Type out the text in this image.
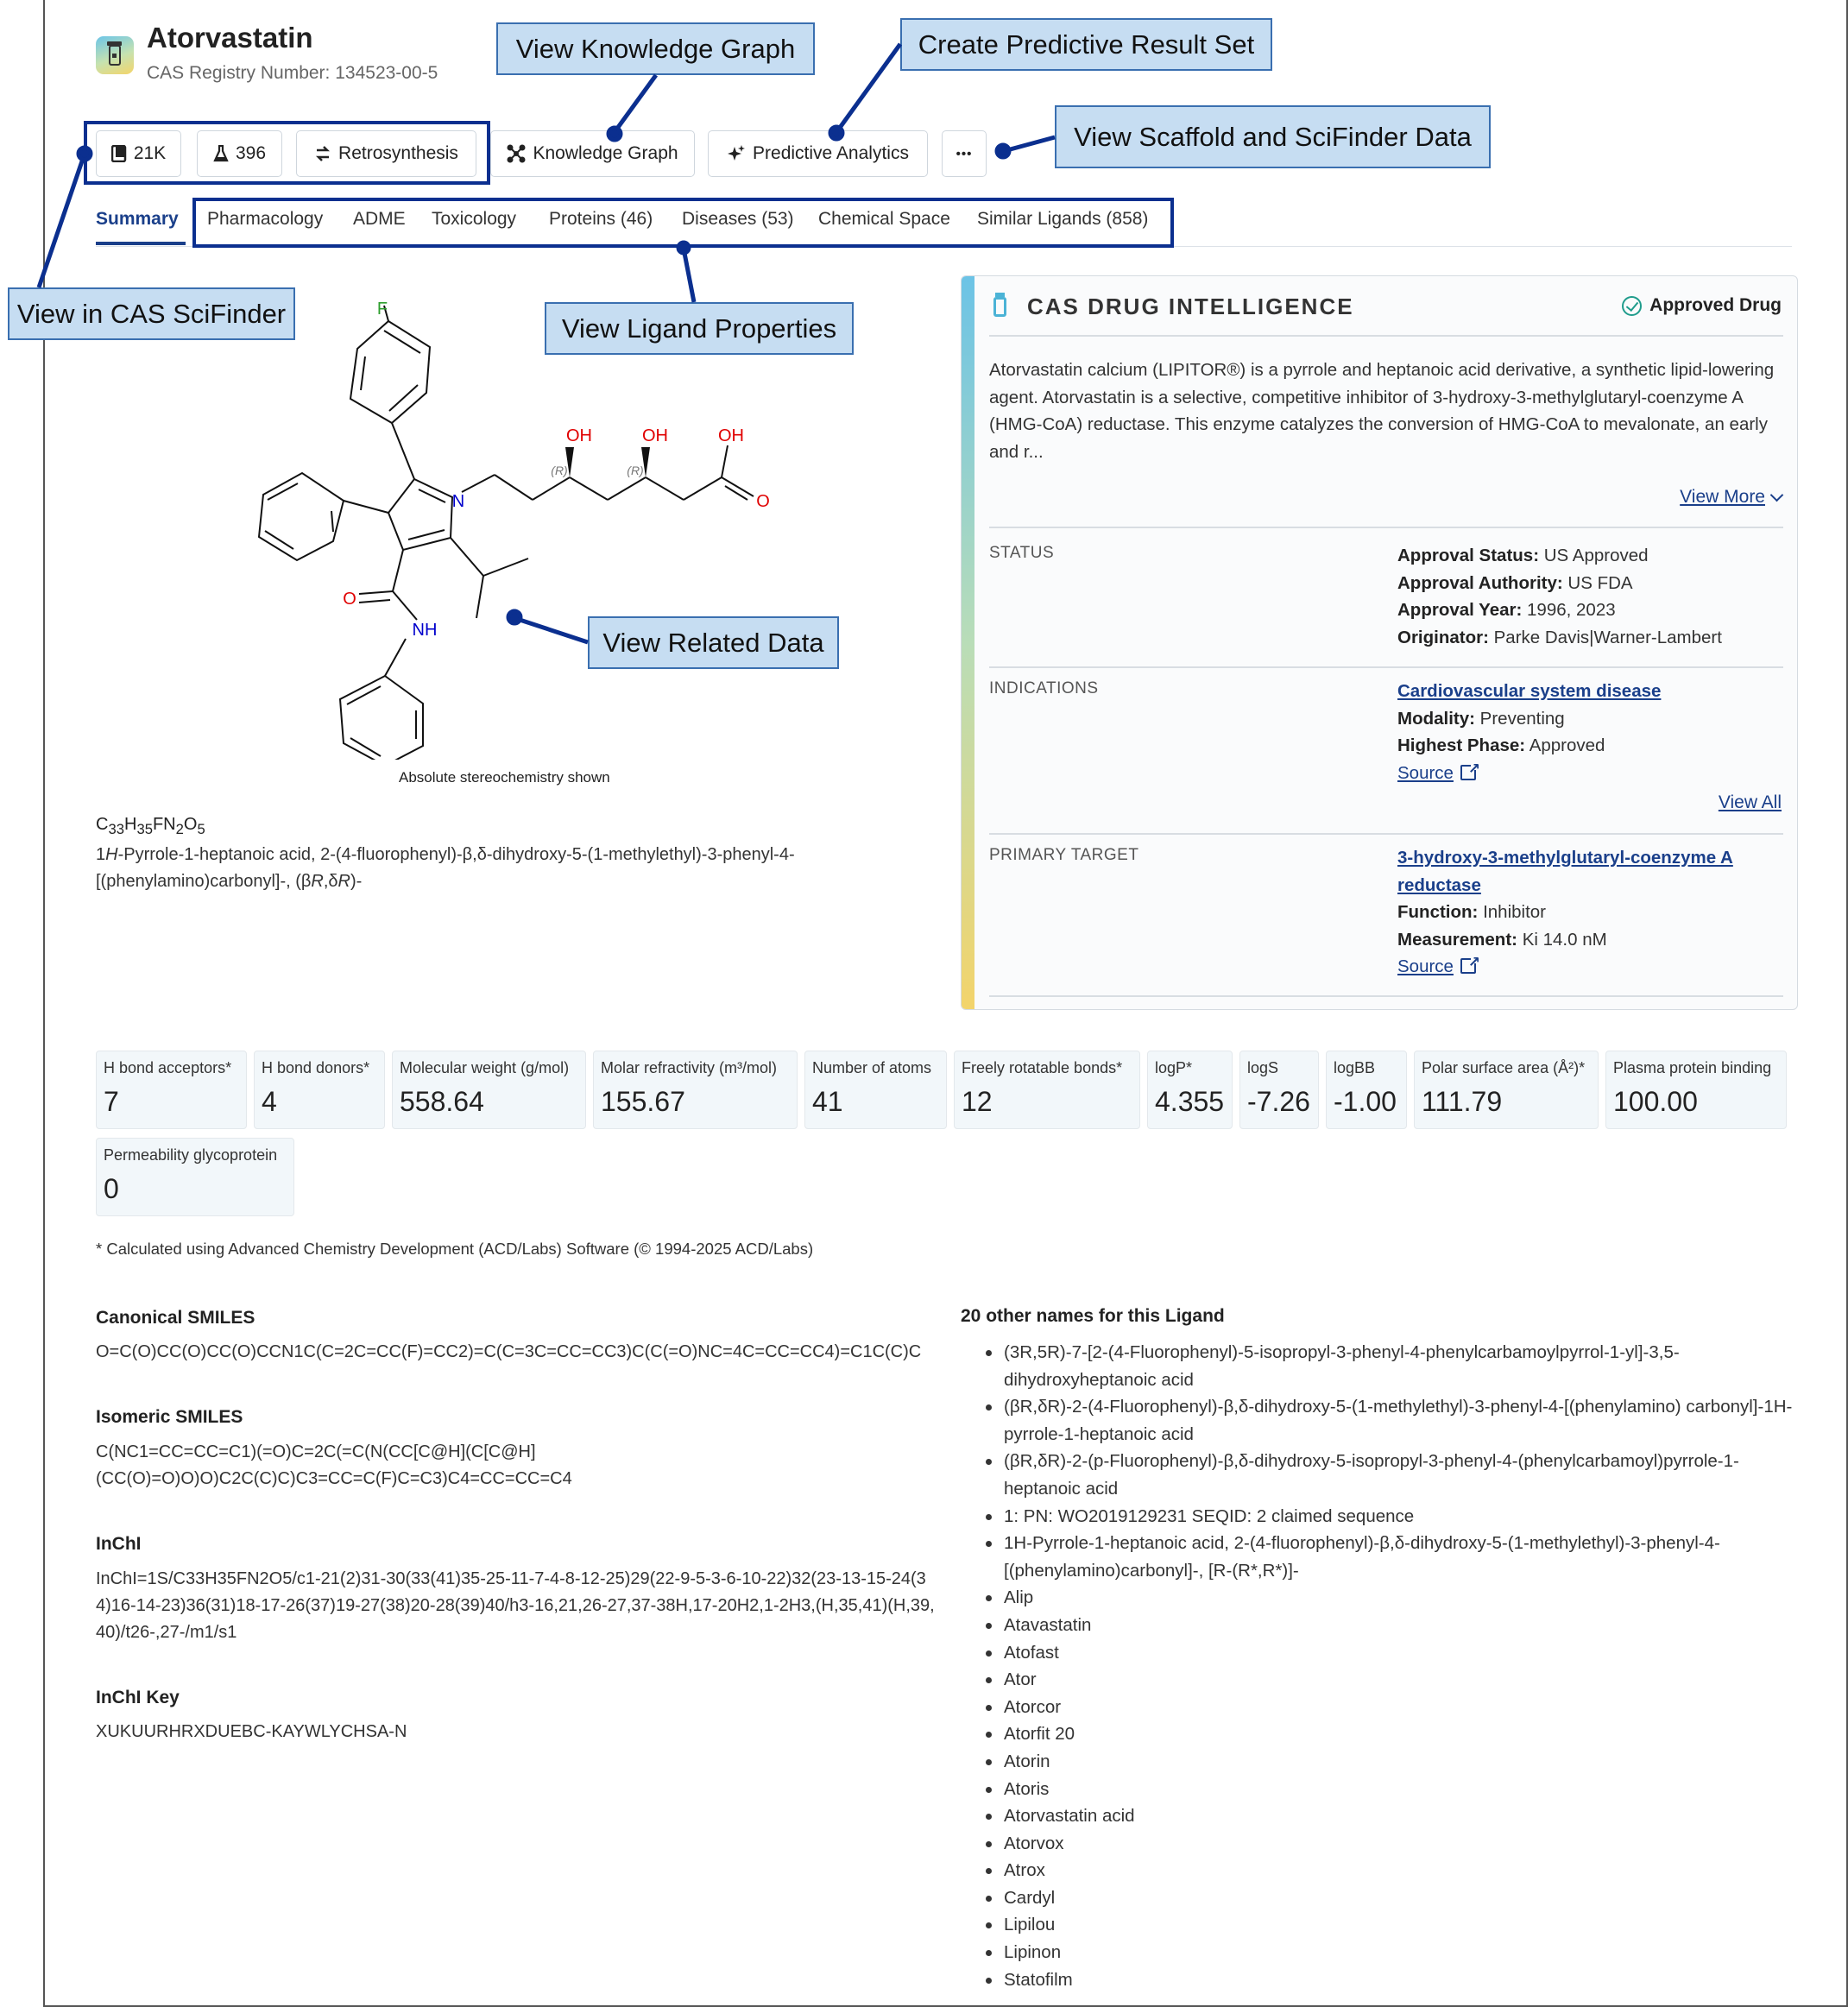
Atorvastatin
CAS Registry Number: 134523-00-5
21K	396	Retrosynthesis	Knowledge Graph	Predictive Analytics	•••
Summary Pharmacology ADME Toxicology Proteins (46) Diseases (53) Chemical Space Similar Ligands (858)
F
N
OH	OH	OH
O
O
NH
(R)	(R)
Absolute stereochemistry shown
$C_{33}H_{35}FN_2O_5$
1H-Pyrrole-1-heptanoic acid, 2-(4-fluorophenyl)-β,δ-dihydroxy-5-(1-methylethyl)-3-phenyl-4-[(phenylamino)carbonyl]-, (βR,δR)-
CAS DRUG INTELLIGENCE	Approved Drug
Atorvastatin calcium (LIPITOR®) is a pyrrole and heptanoic acid derivative, a synthetic lipid-lowering agent. Atorvastatin is a selective, competitive inhibitor of 3-hydroxy-3-methylglutaryl-coenzyme A (HMG-CoA) reductase. This enzyme catalyzes the conversion of HMG-CoA to mevalonate, an early and r...
View More
STATUS	Approval Status: US Approved
Approval Authority: US FDA
Approval Year: 1996, 2023
Originator: Parke Davis|Warner-Lambert
INDICATIONS	Cardiovascular system disease
Modality: Preventing
Highest Phase: Approved
Source↗
View All
PRIMARY TARGET	3-hydroxy-3-methylglutaryl-coenzyme A reductase
Function: Inhibitor
Measurement: Ki 14.0 nM
Source↗
H bond acceptors*
7
H bond donors*
4
Molecular weight (g/mol)
558.64
Molar refractivity (m³/mol)
155.67
Number of atoms
41
Freely rotatable bonds*
12
logP*
4.355
logS
-7.26
logBB
-1.00
Polar surface area (Å²)*
111.79
Plasma protein binding
100.00
Permeability glycoprotein
0
* Calculated using Advanced Chemistry Development (ACD/Labs) Software (© 1994-2025 ACD/Labs)
Canonical SMILES
O=C(O)CC(O)CC(O)CCN1C(C=2C=CC(F)=CC2)=C(C=3C=CC=CC3)C(C(=O)NC=4C=CC=CC4)=C1C(C)C
Isomeric SMILES
C(NC1=CC=CC=C1)(=O)C=2C(=C(N(CC[C@H](C[C@H]
(CC(O)=O)O)O)C2C(C)C)C3=CC=C(F)C=C3)C4=CC=CC=C4
InChI
InChI=1S/C33H35FN2O5/c1-21(2)31-30(33(41)35-25-11-7-4-8-12-25)29(22-9-5-3-6-10-22)32(23-13-15-24(34)16-14-23)36(31)18-17-26(37)19-27(38)20-28(39)40/h3-16,21,26-27,37-38H,17-20H2,1-2H3,(H,35,41)(H,39,40)/t26-,27-/m1/s1
InChI Key
XUKUURHRXDUEBC-KAYWLYCHSA-N
20 other names for this Ligand
(3R,5R)-7-[2-(4-Fluorophenyl)-5-isopropyl-3-phenyl-4-phenylcarbamoylpyrrol-1-yl]-3,5-dihydroxyheptanoic acid
(βR,δR)-2-(4-Fluorophenyl)-β,δ-dihydroxy-5-(1-methylethyl)-3-phenyl-4-[(phenylamino) carbonyl]-1H-pyrrole-1-heptanoic acid
(βR,δR)-2-(p-Fluorophenyl)-β,δ-dihydroxy-5-isopropyl-3-phenyl-4-(phenylcarbamoyl)pyrrole-1-heptanoic acid
1: PN: WO2019129231 SEQID: 2 claimed sequence
1H-Pyrrole-1-heptanoic acid, 2-(4-fluorophenyl)-β,δ-dihydroxy-5-(1-methylethyl)-3-phenyl-4-[(phenylamino)carbonyl]-, [R-(R*,R*)]-
Alip
Atavastatin
Atofast
Ator
Atorcor
Atorfit 20
Atorin
Atoris
Atorvastatin acid
Atorvox
Atrox
Cardyl
Lipilou
Lipinon
Statofilm
View Knowledge Graph	Create Predictive Result Set
View Scaffold and SciFinder Data
View in CAS SciFinder	View Ligand Properties
View Related Data
